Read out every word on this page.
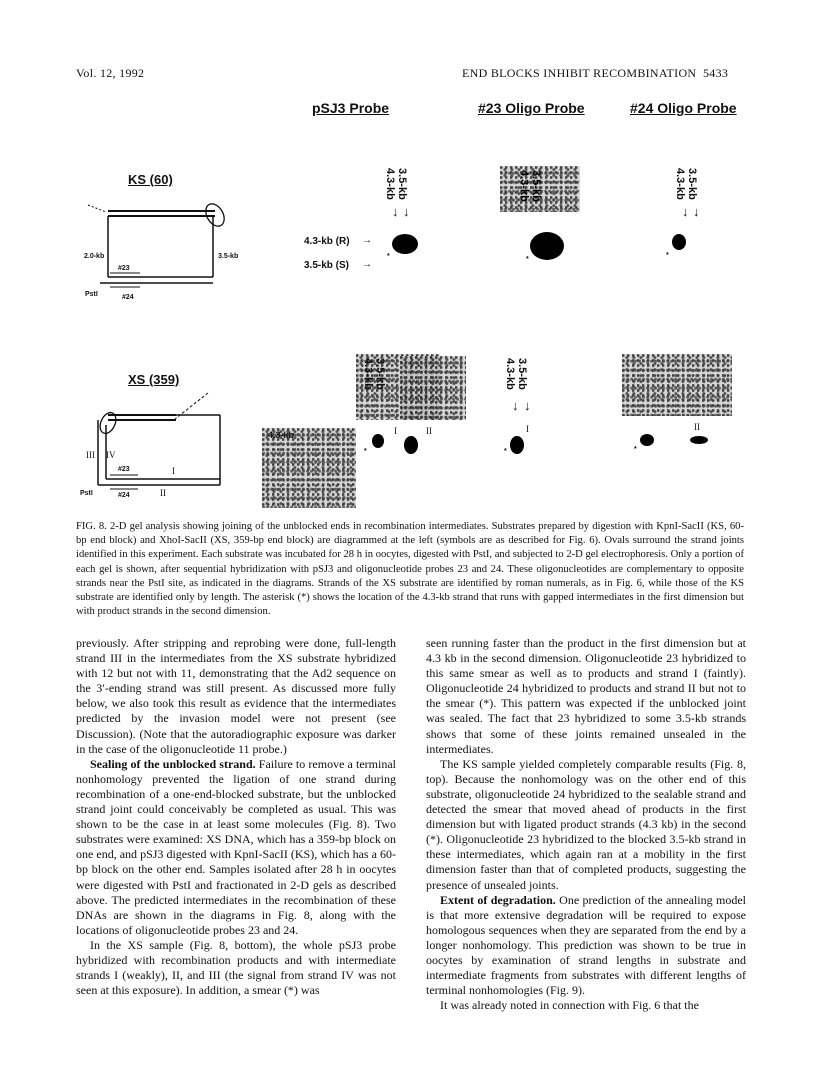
Vol. 12, 1992	END BLOCKS INHIBIT RECOMBINATION 5433
pSJ3 Probe	#23 Oligo Probe	#24 Oligo Probe
KS (60)
2.0-kb	3.5-kb
#23
#24
PstI
3.5-kb
4.3-kb
↓ ↓
3.5-kb
4.3-kb
↓ ↓
4.3-kb (R) →
3.5-kb (S) →
*
3.5-kb
4.3-kb
*
*
XS (359)
III IV
I
II
#23
#24
PstI
4.3-kb
3.5-kb
4.3-kb
I	II
*
3.5-kb
4.3-kb
↓ ↓
I
*
II
*
FIG. 8. 2-D gel analysis showing joining of the unblocked ends in recombination intermediates. Substrates prepared by digestion with KpnI-SacII (KS, 60-bp end block) and XhoI-SacII (XS, 359-bp end block) are diagrammed at the left (symbols are as described for Fig. 6). Ovals surround the strand joints identified in this experiment. Each substrate was incubated for 28 h in oocytes, digested with PstI, and subjected to 2-D gel electrophoresis. Only a portion of each gel is shown, after sequential hybridization with pSJ3 and oligonucleotide probes 23 and 24. These oligonucleotides are complementary to opposite strands near the PstI site, as indicated in the diagrams. Strands of the XS substrate are identified by roman numerals, as in Fig. 6, while those of the KS substrate are identified only by length. The asterisk (*) shows the location of the 4.3-kb strand that runs with gapped intermediates in the first dimension but with product strands in the second dimension.

previously. After stripping and reprobing were done, full-length strand III in the intermediates from the XS substrate hybridized with 12 but not with 11, demonstrating that the Ad2 sequence on the 3′-ending strand was still present. As discussed more fully below, we also took this result as evidence that the intermediates predicted by the invasion model were not present (see Discussion). (Note that the autoradiographic exposure was darker in the case of the oligonucleotide 11 probe.)

Sealing of the unblocked strand. Failure to remove a terminal nonhomology prevented the ligation of one strand during recombination of a one-end-blocked substrate, but the unblocked strand joint could conceivably be completed as usual. This was shown to be the case in at least some molecules (Fig. 8). Two substrates were examined: XS DNA, which has a 359-bp block on one end, and pSJ3 digested with KpnI-SacII (KS), which has a 60-bp block on the other end. Samples isolated after 28 h in oocytes were digested with PstI and fractionated in 2-D gels as described above. The predicted intermediates in the recombination of these DNAs are shown in the diagrams in Fig. 8, along with the locations of oligonucleotide probes 23 and 24.

In the XS sample (Fig. 8, bottom), the whole pSJ3 probe hybridized with recombination products and with intermediate strands I (weakly), II, and III (the signal from strand IV was not seen at this exposure). In addition, a smear (*) was

seen running faster than the product in the first dimension but at 4.3 kb in the second dimension. Oligonucleotide 23 hybridized to this same smear as well as to products and strand I (faintly). Oligonucleotide 24 hybridized to products and strand II but not to the smear (*). This pattern was expected if the unblocked joint was sealed. The fact that 23 hybridized to some 3.5-kb strands shows that some of these joints remained unsealed in the intermediates.

The KS sample yielded completely comparable results (Fig. 8, top). Because the nonhomology was on the other end of this substrate, oligonucleotide 24 hybridized to the sealable strand and detected the smear that moved ahead of products in the first dimension but with ligated product strands (4.3 kb) in the second (*). Oligonucleotide 23 hybridized to the blocked 3.5-kb strand in these intermediates, which again ran at a mobility in the first dimension faster than that of completed products, suggesting the presence of unsealed joints.

Extent of degradation. One prediction of the annealing model is that more extensive degradation will be required to expose homologous sequences when they are separated from the end by a longer nonhomology. This prediction was shown to be true in oocytes by examination of strand lengths in substrate and intermediate fragments from substrates with different lengths of terminal nonhomologies (Fig. 9).

It was already noted in connection with Fig. 6 that the
